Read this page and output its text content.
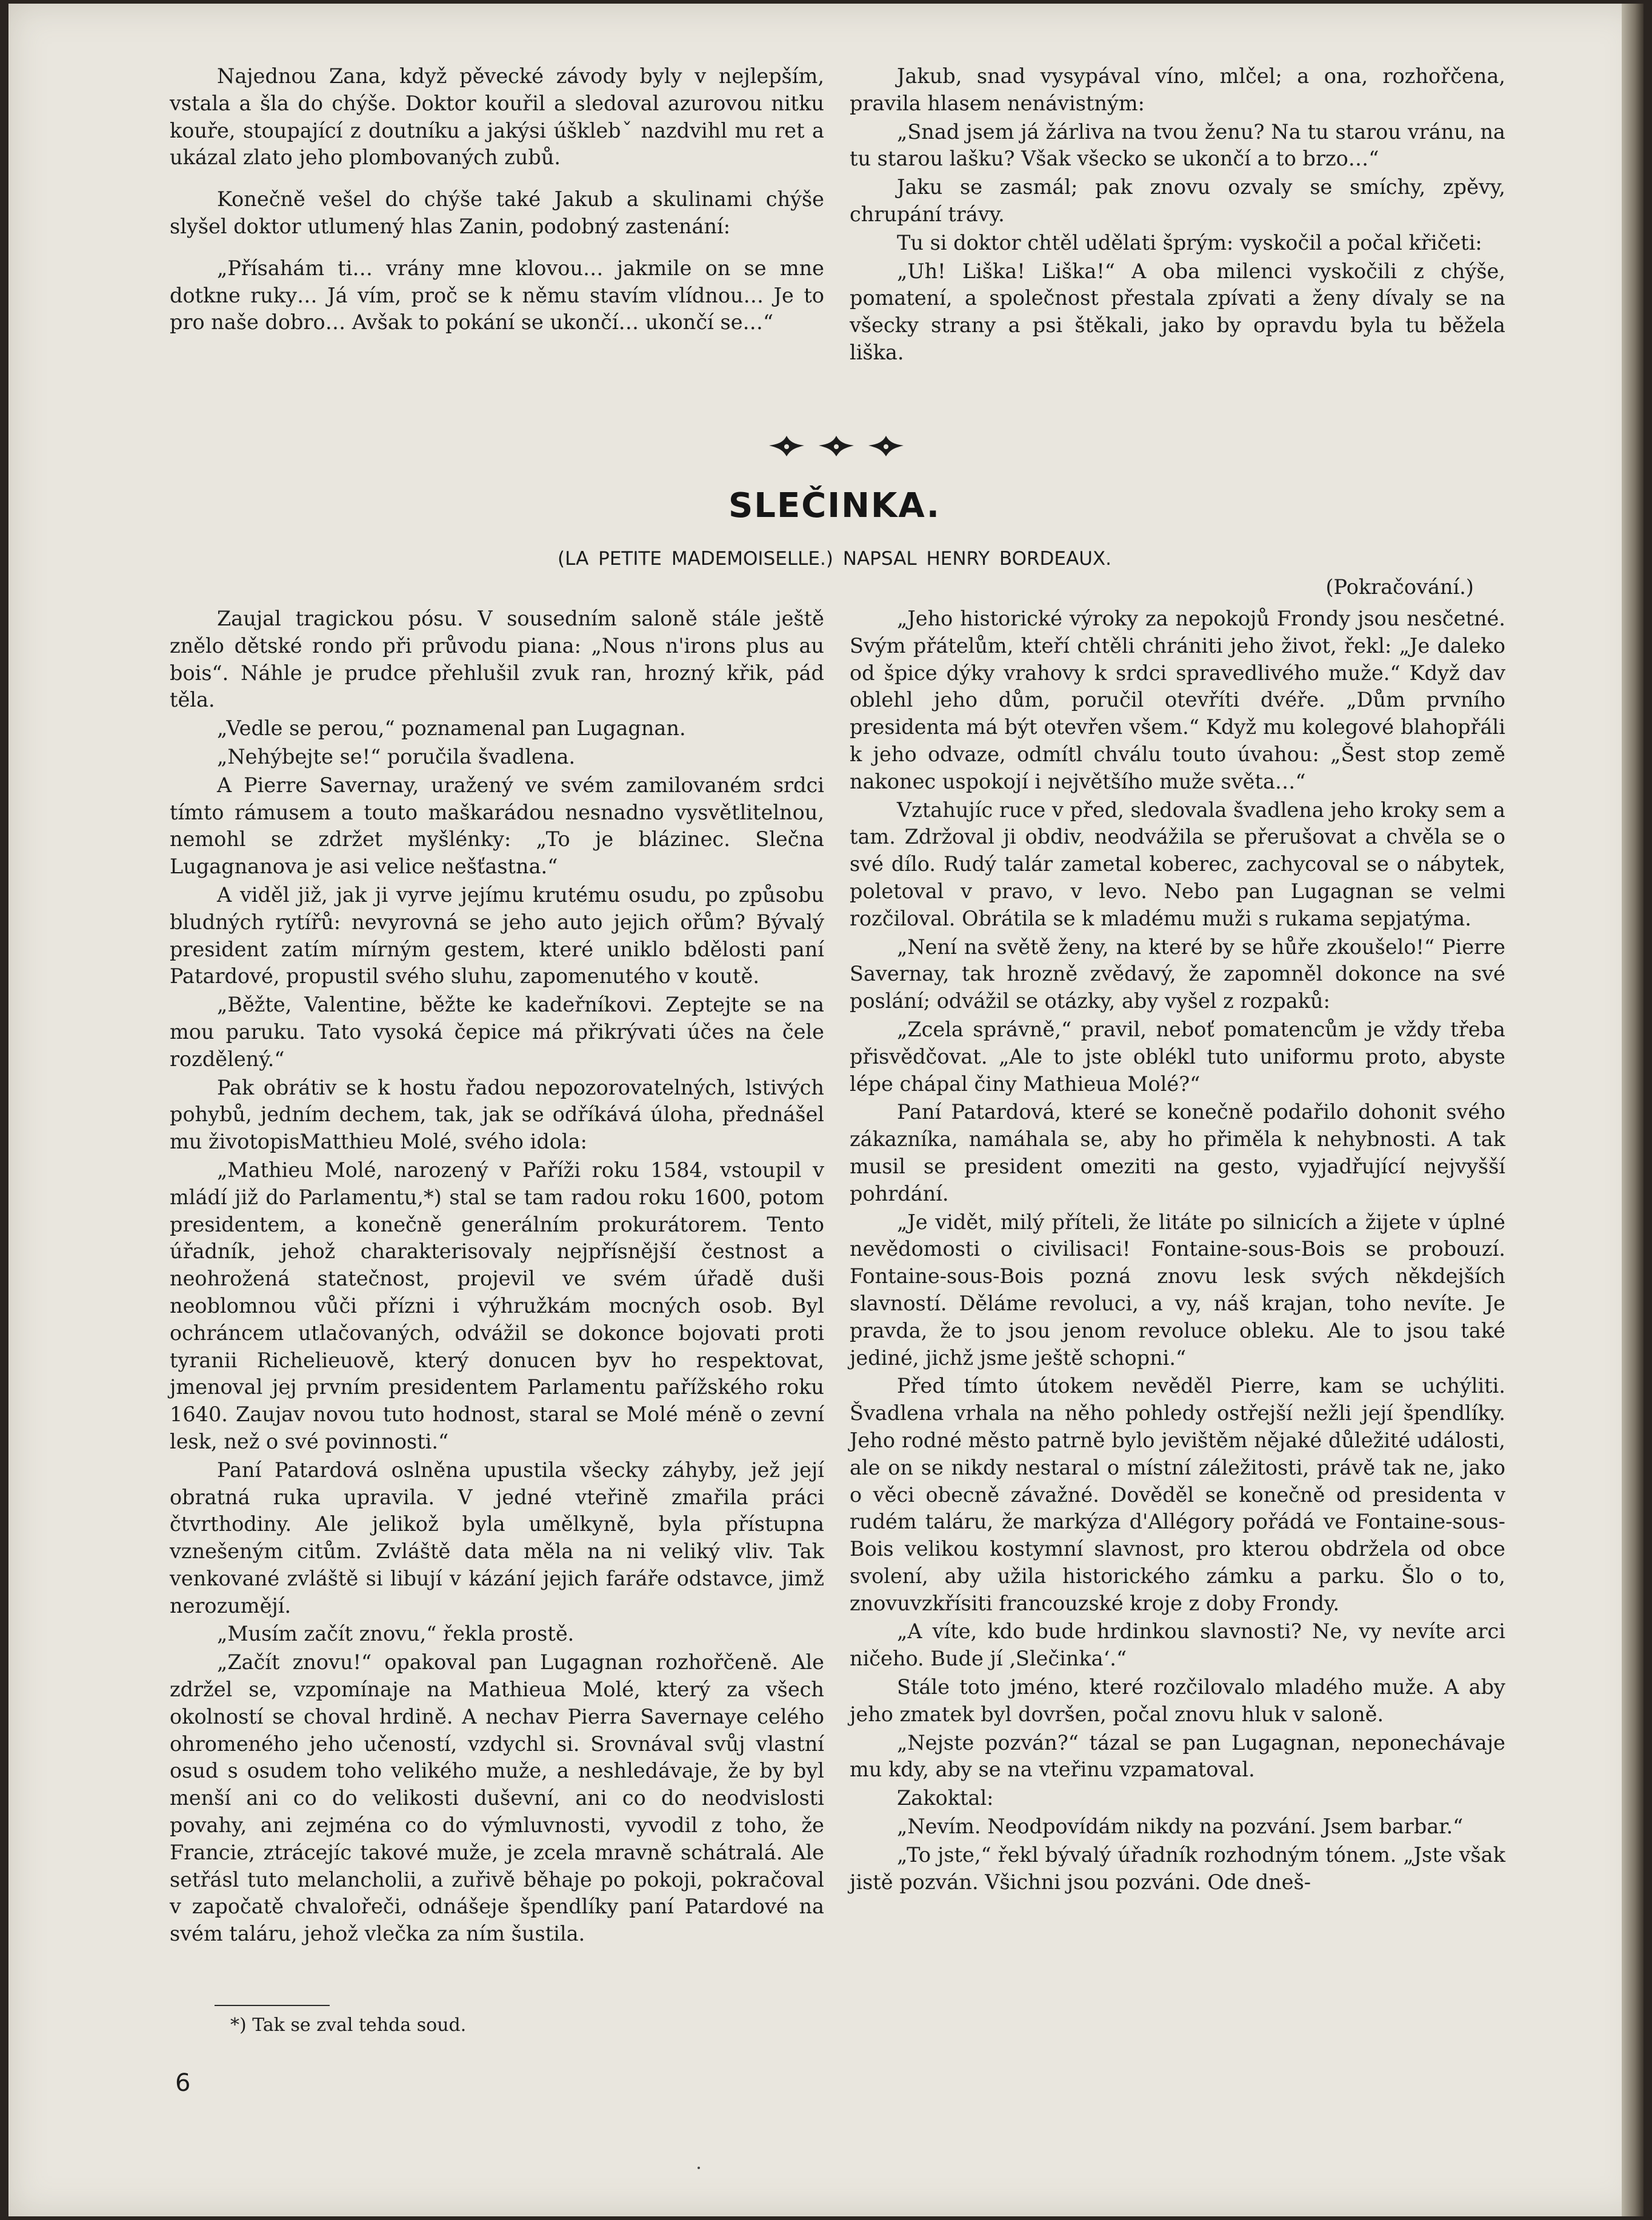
Najednou Zana, když pěvecké závody byly v nejlepším, vstala a šla do chýše. Doktor kouřil a sledoval azurovou nitku kouře, stoupající z doutníku a jakýsi úšklebˇ nazdvihl mu ret a ukázal zlato jeho plombovaných zubů.

Konečně vešel do chýše také Jakub a skulinami chýše slyšel doktor utlumený hlas Zanin, podobný zastenání:

„Přísahám ti… vrány mne klovou… jakmile on se mne dotkne ruky… Já vím, proč se k němu stavím vlídnou… Je to pro naše dobro… Avšak to pokání se ukončí… ukončí se…“

Jakub, snad vysypával víno, mlčel; a ona, rozhořčena, pravila hlasem nenávistným:

„Snad jsem já žárliva na tvou ženu? Na tu starou vránu, na tu starou lašku? Však všecko se ukončí a to brzo…“

Jaku se zasmál; pak znovu ozvaly se smíchy, zpěvy, chrupání trávy.

Tu si doktor chtěl udělati šprým: vyskočil a počal křičeti:

„Uh! Liška! Liška!“ A oba milenci vyskočili z chýše, pomatení, a společnost přestala zpívati a ženy dívaly se na všecky strany a psi štěkali, jako by opravdu byla tu běžela liška.

SLEČINKA.
(LA PETITE MADEMOISELLE.) NAPSAL HENRY BORDEAUX.
(Pokračování.)

Zaujal tragickou pósu. V sousedním saloně stále ještě znělo dětské rondo při průvodu piana: „Nous n'irons plus au bois“. Náhle je prudce přehlušil zvuk ran, hrozný křik, pád těla.

„Vedle se perou,“ poznamenal pan Lugagnan.

„Nehýbejte se!“ poručila švadlena.

A Pierre Savernay, uražený ve svém zamilovaném srdci tímto rámusem a touto maškarádou nesnadno vysvětlitelnou, nemohl se zdržet myšlénky: „To je blázinec. Slečna Lugagnanova je asi velice nešťastna.“

A viděl již, jak ji vyrve jejímu krutému osudu, po způsobu bludných rytířů: nevyrovná se jeho auto jejich ořům? Bývalý president zatím mírným gestem, které uniklo bdělosti paní Patardové, propustil svého sluhu, zapomenutého v koutě.

„Běžte, Valentine, běžte ke kadeřníkovi. Zeptejte se na mou paruku. Tato vysoká čepice má přikrývati účes na čele rozdělený.“

Pak obrátiv se k hostu řadou nepozorovatelných, lstivých pohybů, jedním dechem, tak, jak se odříkává úloha, přednášel mu životopisMatthieu Molé, svého idola:

„Mathieu Molé, narozený v Paříži roku 1584, vstoupil v mládí již do Parlamentu,*) stal se tam radou roku 1600, potom presidentem, a konečně generálním prokurátorem. Tento úřadník, jehož charakterisovaly nejpřísnější čestnost a neohrožená statečnost, projevil ve svém úřadě duši neoblomnou vůči přízni i výhružkám mocných osob. Byl ochráncem utlačovaných, odvážil se dokonce bojovati proti tyranii Richelieuově, který donucen byv ho respektovat, jmenoval jej prvním presidentem Parlamentu pařížského roku 1640. Zaujav novou tuto hodnost, staral se Molé méně o zevní lesk, než o své povinnosti.“

Paní Patardová oslněna upustila všecky záhyby, jež její obratná ruka upravila. V jedné vteřině zmařila práci čtvrthodiny. Ale jelikož byla umělkyně, byla přístupna vznešeným citům. Zvláště data měla na ni veliký vliv. Tak venkované zvláště si libují v kázání jejich faráře odstavce, jimž nerozumějí.

„Musím začít znovu,“ řekla prostě.

„Začít znovu!“ opakoval pan Lugagnan rozhořčeně. Ale zdržel se, vzpomínaje na Mathieua Molé, který za všech okolností se choval hrdině. A nechav Pierra Savernaye celého ohromeného jeho učeností, vzdychl si. Srovnával svůj vlastní osud s osudem toho velikého muže, a neshledávaje, že by byl menší ani co do velikosti duševní, ani co do neodvislosti povahy, ani zejména co do výmluvnosti, vyvodil z toho, že Francie, ztrácejíc takové muže, je zcela mravně schátralá. Ale setřásl tuto melancholii, a zuřivě běhaje po pokoji, pokračoval v započatě chvalořeči, odnášeje špendlíky paní Patardové na svém taláru, jehož vlečka za ním šustila.

„Jeho historické výroky za nepokojů Frondy jsou nesčetné. Svým přátelům, kteří chtěli chrániti jeho život, řekl: „Je daleko od špice dýky vrahovy k srdci spravedlivého muže.“ Když dav oblehl jeho dům, poručil otevříti dvéře. „Dům prvního presidenta má být otevřen všem.“ Když mu kolegové blahopřáli k jeho odvaze, odmítl chválu touto úvahou: „Šest stop země nakonec uspokojí i největšího muže světa…“

Vztahujíc ruce v před, sledovala švadlena jeho kroky sem a tam. Zdržoval ji obdiv, neodvážila se přerušovat a chvěla se o své dílo. Rudý talár zametal koberec, zachycoval se o nábytek, poletoval v pravo, v levo. Nebo pan Lugagnan se velmi rozčiloval. Obrátila se k mladému muži s rukama sepjatýma.

„Není na světě ženy, na které by se hůře zkoušelo!“ Pierre Savernay, tak hrozně zvědavý, že zapomněl dokonce na své poslání; odvážil se otázky, aby vyšel z rozpaků:

„Zcela správně,“ pravil, neboť pomatencům je vždy třeba přisvědčovat. „Ale to jste oblékl tuto uniformu proto, abyste lépe chápal činy Mathieua Molé?“

Paní Patardová, které se konečně podařilo dohonit svého zákazníka, namáhala se, aby ho přiměla k nehybnosti. A tak musil se president omeziti na gesto, vyjadřující nejvyšší pohrdání.

„Je vidět, milý příteli, že litáte po silnicích a žijete v úplné nevědomosti o civilisaci! Fontaine-sous-Bois se probouzí. Fontaine-sous-Bois pozná znovu lesk svých někdejších slavností. Děláme revoluci, a vy, náš krajan, toho nevíte. Je pravda, že to jsou jenom revoluce obleku. Ale to jsou také jediné, jichž jsme ještě schopni.“

Před tímto útokem nevěděl Pierre, kam se uchýliti. Švadlena vrhala na něho pohledy ostřejší nežli její špendlíky. Jeho rodné město patrně bylo jevištěm nějaké důležité události, ale on se nikdy nestaral o místní záležitosti, právě tak ne, jako o věci obecně závažné. Dověděl se konečně od presidenta v rudém taláru, že markýza d'Allégory pořádá ve Fontaine-sous-Bois velikou kostymní slavnost, pro kterou obdržela od obce svolení, aby užila historického zámku a parku. Šlo o to, znovuvzkřísiti francouzské kroje z doby Frondy.

„A víte, kdo bude hrdinkou slavnosti? Ne, vy nevíte arci ničeho. Bude jí ‚Slečinka‘.“

Stále toto jméno, které rozčilovalo mladého muže. A aby jeho zmatek byl dovršen, počal znovu hluk v saloně.

„Nejste pozván?“ tázal se pan Lugagnan, neponechávaje mu kdy, aby se na vteřinu vzpamatoval.

Zakoktal:

„Nevím. Neodpovídám nikdy na pozvání. Jsem barbar.“

„To jste,“ řekl bývalý úřadník rozhodným tónem. „Jste však jistě pozván. Všichni jsou pozváni. Ode dneš-

*) Tak se zval tehda soud.
6
